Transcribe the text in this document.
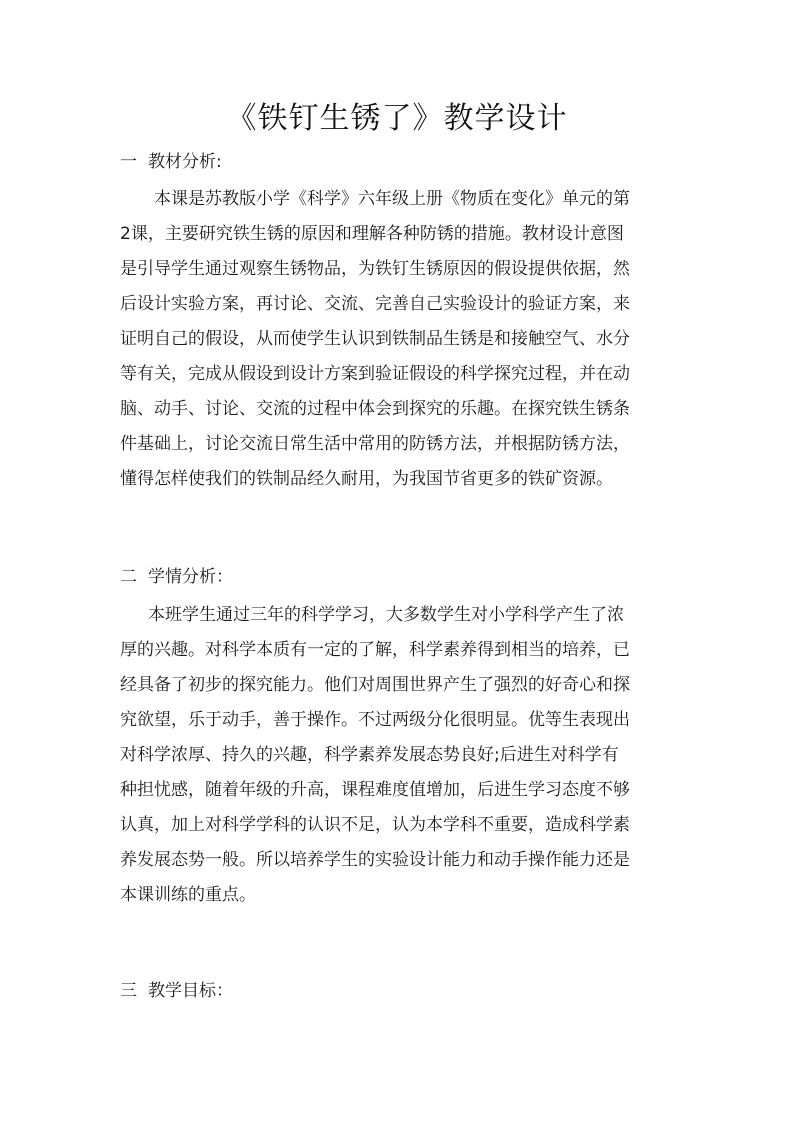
《铁钉生锈了》教学设计
一 教材分析:
本课是苏教版小学《科学》六年级上册《物质在变化》单元的第
2课，主要研究铁生锈的原因和理解各种防锈的措施。教材设计意图
是引导学生通过观察生锈物品，为铁钉生锈原因的假设提供依据，然
后设计实验方案，再讨论、交流、完善自己实验设计的验证方案，来
证明自己的假设，从而使学生认识到铁制品生锈是和接触空气、水分
等有关，完成从假设到设计方案到验证假设的科学探究过程，并在动
脑、动手、讨论、交流的过程中体会到探究的乐趣。在探究铁生锈条
件基础上，讨论交流日常生活中常用的防锈方法，并根据防锈方法，
懂得怎样使我们的铁制品经久耐用，为我国节省更多的铁矿资源。
二 学情分析：
本班学生通过三年的科学学习，大多数学生对小学科学产生了浓
厚的兴趣。对科学本质有一定的了解，科学素养得到相当的培养，已
经具备了初步的探究能力。他们对周围世界产生了强烈的好奇心和探
究欲望，乐于动手，善于操作。不过两级分化很明显。优等生表现出
对科学浓厚、持久的兴趣，科学素养发展态势良好;后进生对科学有
种担忧感，随着年级的升高，课程难度值增加，后进生学习态度不够
认真，加上对科学学科的认识不足，认为本学科不重要，造成科学素
养发展态势一般。所以培养学生的实验设计能力和动手操作能力还是
本课训练的重点。
三 教学目标：
